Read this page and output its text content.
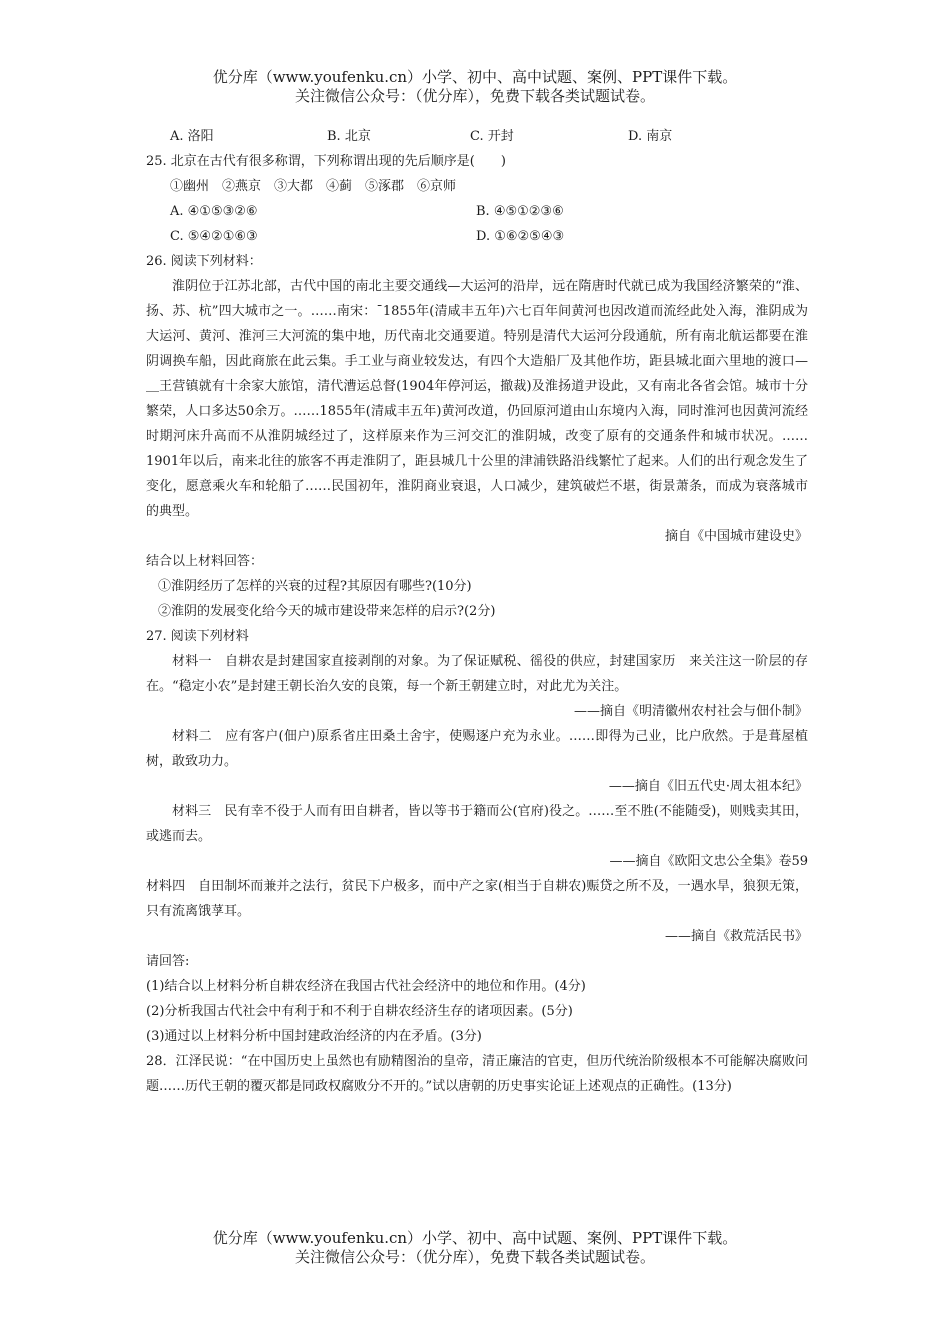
优分库（www.youfenku.cn）小学、初中、高中试题、案例、PPT课件下载。
关注微信公众号：（优分库），免费下载各类试题试卷。
A. 洛阳	B. 北京	C. 开封	D. 南京
25. 北京在古代有很多称谓，下列称谓出现的先后顺序是(　　)
①幽州　②燕京　③大都　④蓟　⑤涿郡　⑥京师
A. ④①⑤③②⑥	B. ④⑤①②③⑥
C. ⑤④②①⑥③	D. ①⑥②⑤④③
26. 阅读下列材料：
淮阴位于江苏北部，古代中国的南北主要交通线—大运河的沿岸，远在隋唐时代就已成为我国经济繁荣的“淮、扬、苏、杭”四大城市之一。……南宋：¯1855年(清咸丰五年)六七百年间黄河也因改道而流经此处入海，淮阴成为大运河、黄河、淮河三大河流的集中地，历代南北交通要道。特别是清代大运河分段通航，所有南北航运都要在淮阴调换车船，因此商旅在此云集。手工业与商业较发达，有四个大造船厂及其他作坊，距县城北面六里地的渡口—＿王营镇就有十余家大旅馆，清代漕运总督(1904年停河运，撤裁)及淮扬道尹设此，又有南北各省会馆。城市十分繁荣，人口多达50余万。……1855年(清咸丰五年)黄河改道，仍回原河道由山东境内入海，同时淮河也因黄河流经时期河床升高而不从淮阴城经过了，这样原来作为三河交汇的淮阴城，改变了原有的交通条件和城市状况。……1901年以后，南来北往的旅客不再走淮阴了，距县城几十公里的津浦铁路沿线繁忙了起来。人们的出行观念发生了变化，愿意乘火车和轮船了……民国初年，淮阴商业衰退，人口减少，建筑破烂不堪，街景萧条，而成为衰落城市的典型。
摘自《中国城市建设史》
结合以上材料回答：
①淮阴经历了怎样的兴衰的过程?其原因有哪些?(10分)
②淮阴的发展变化给今天的城市建设带来怎样的启示?(2分)
27. 阅读下列材料
材料一　自耕农是封建国家直接剥削的对象。为了保证赋税、徭役的供应，封建国家历　来关注这一阶层的存在。“稳定小农”是封建王朝长治久安的良策，每一个新王朝建立时，对此尤为关注。
——摘自《明清徽州农村社会与佃仆制》
材料二　应有客户(佃户)原系省庄田桑土舍宇，使赐逐户充为永业。……即得为己业，比户欣然。于是葺屋植树，敢致功力。
——摘自《旧五代史·周太祖本纪》
材料三　民有幸不役于人而有田自耕者，皆以等书于籍而公(官府)役之。……至不胜(不能随受)，则贱卖其田，或逃而去。
——摘自《欧阳文忠公全集》卷59
材料四　自田制坏而兼并之法行，贫民下户极多，而中产之家(相当于自耕农)赈贷之所不及，一遇水旱，狼狈无策，只有流离饿莩耳。
——摘自《救荒活民书》
请回答:
(1)结合以上材料分析自耕农经济在我国古代社会经济中的地位和作用。(4分)
(2)分析我国古代社会中有利于和不利于自耕农经济生存的诸项因素。(5分)
(3)通过以上材料分析中国封建政治经济的内在矛盾。(3分)
28．江泽民说：“在中国历史上虽然也有励精图治的皇帝，清正廉洁的官吏，但历代统治阶级根本不可能解决腐败问题……历代王朝的覆灭都是同政权腐败分不开的。”试以唐朝的历史事实论证上述观点的正确性。(13分)
优分库（www.youfenku.cn）小学、初中、高中试题、案例、PPT课件下载。
关注微信公众号：（优分库），免费下载各类试题试卷。
